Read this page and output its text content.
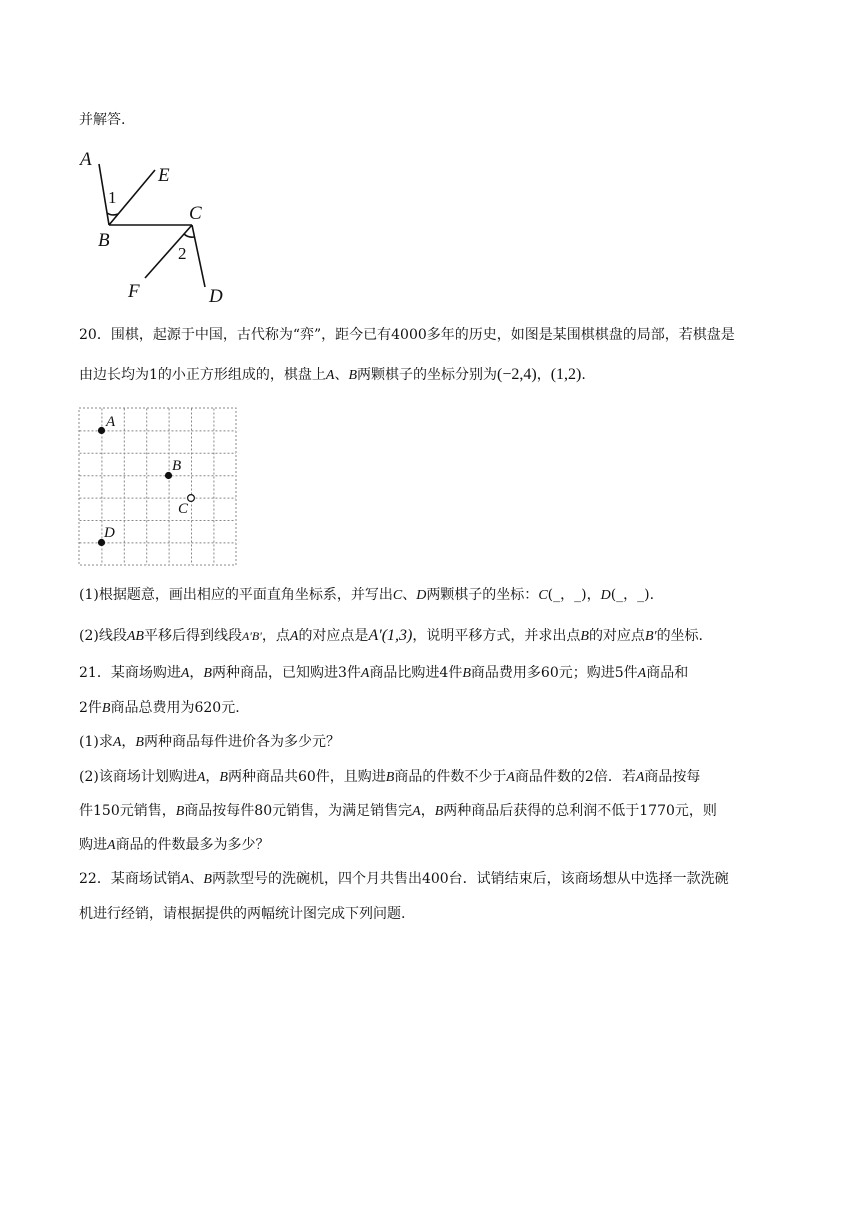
并解答.
A
E
B
C
F	D
1
2
20．围棋，起源于中国，古代称为“弈”，距今已有4000多年的历史，如图是某围棋棋盘的局部，若棋盘是
由边长均为1的小正方形组成的，棋盘上A、B两颗棋子的坐标分别为(−2,4)，(1,2).
A
B
C
D
(1)根据题意，画出相应的平面直角坐标系，并写出C、D两颗棋子的坐标：C(_，_)，D(_，_).
(2)线段AB平移后得到线段A′B′，点A的对应点是A′(1,3)，说明平移方式，并求出点B的对应点B′的坐标.
21．某商场购进A，B两种商品，已知购进3件A商品比购进4件B商品费用多60元；购进5件A商品和
2件B商品总费用为620元.
(1)求A，B两种商品每件进价各为多少元？
(2)该商场计划购进A，B两种商品共60件，且购进B商品的件数不少于A商品件数的2倍．若A商品按每
件150元销售，B商品按每件80元销售，为满足销售完A，B两种商品后获得的总利润不低于1770元，则
购进A商品的件数最多为多少？
22．某商场试销A、B两款型号的洗碗机，四个月共售出400台．试销结束后，该商场想从中选择一款洗碗
机进行经销，请根据提供的两幅统计图完成下列问题.
